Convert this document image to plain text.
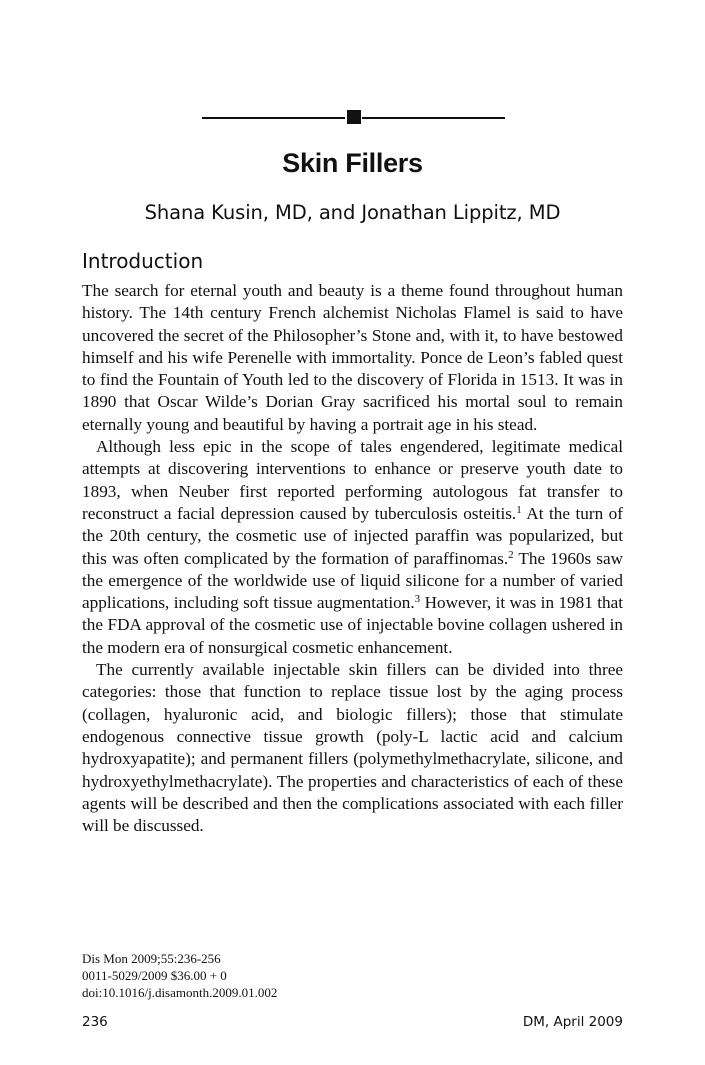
Skin Fillers
Shana Kusin, MD, and Jonathan Lippitz, MD
Introduction

The search for eternal youth and beauty is a theme found throughout human history. The 14th century French alchemist Nicholas Flamel is said to have uncovered the secret of the Philosopher’s Stone and, with it, to have bestowed himself and his wife Perenelle with immortality. Ponce de Leon’s fabled quest to find the Fountain of Youth led to the discovery of Florida in 1513. It was in 1890 that Oscar Wilde’s Dorian Gray sacrificed his mortal soul to remain eternally young and beautiful by having a portrait age in his stead.

Although less epic in the scope of tales engendered, legitimate medical attempts at discovering interventions to enhance or preserve youth date to 1893, when Neuber first reported performing autologous fat transfer to reconstruct a facial depression caused by tuberculosis osteitis.$^1$ At the turn of the 20th century, the cosmetic use of injected paraffin was popularized, but this was often complicated by the formation of paraffinomas.$^2$ The 1960s saw the emergence of the worldwide use of liquid silicone for a number of varied applications, including soft tissue augmentation.$^3$ However, it was in 1981 that the FDA approval of the cosmetic use of injectable bovine collagen ushered in the modern era of nonsurgical cosmetic enhancement.

The currently available injectable skin fillers can be divided into three categories: those that function to replace tissue lost by the aging process (collagen, hyaluronic acid, and biologic fillers); those that stimulate endogenous connective tissue growth (poly-L lactic acid and calcium hydroxyapatite); and permanent fillers (polymethylmethacrylate, silicone, and hydroxyethylmethacrylate). The properties and characteristics of each of these agents will be described and then the complications associated with each filler will be discussed.

Dis Mon 2009;55:236-256
0011-5029/2009 $36.00 + 0
doi:10.1016/j.disamonth.2009.01.002
236	DM, April 2009
